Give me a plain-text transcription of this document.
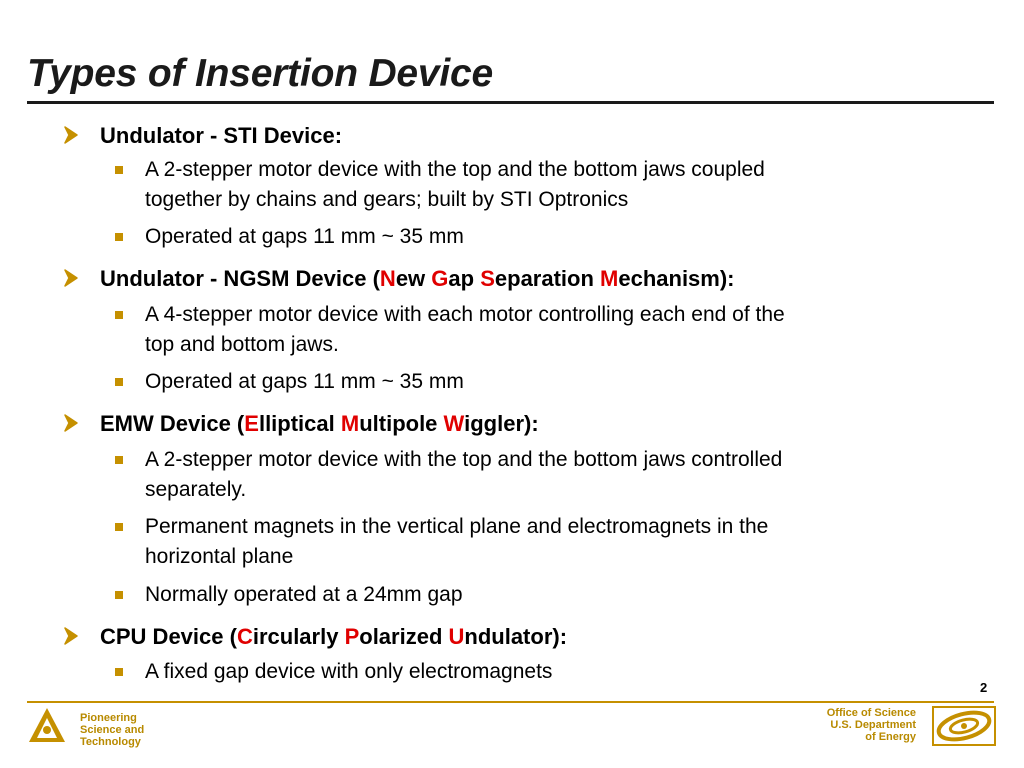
Types of Insertion Device
Undulator - STI Device:
A 2-stepper motor device with the top and the bottom jaws coupled
together by chains and gears; built by STI Optronics
Operated at gaps 11 mm ~ 35 mm
Undulator - NGSM Device (New Gap Separation Mechanism):
A 4-stepper motor device with each motor controlling each end of the
top and bottom jaws.
Operated at gaps 11 mm ~ 35 mm
EMW Device (Elliptical Multipole Wiggler):
A 2-stepper motor device with the top and the bottom jaws controlled
separately.
Permanent magnets in the vertical plane and electromagnets in the
horizontal plane
Normally operated at a 24mm gap
CPU Device (Circularly Polarized Undulator):
A fixed gap device with only electromagnets
2
Pioneering
Science and
Technology
Office of Science
U.S. Department
of Energy
